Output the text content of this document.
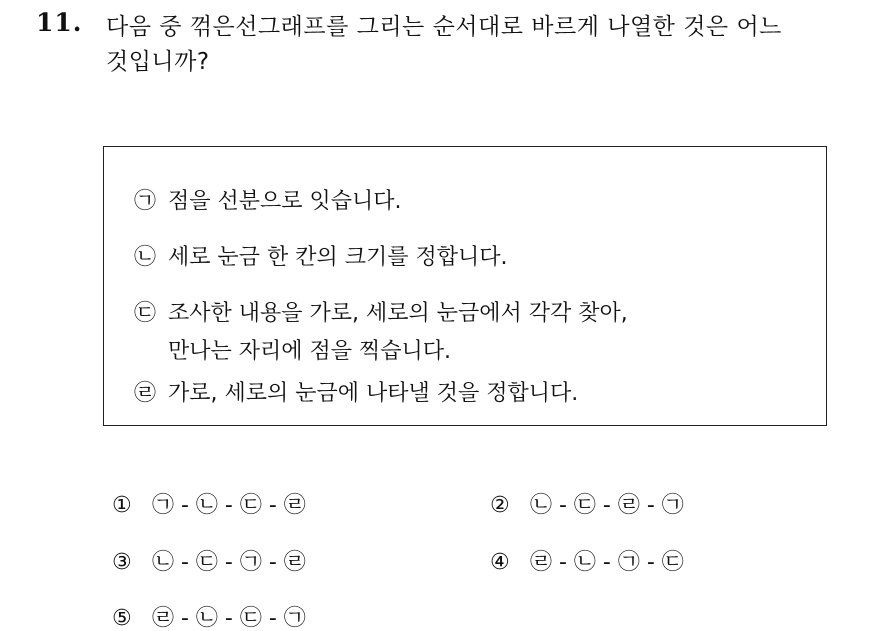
11. 다음 중 꺾은선그래프를 그리는 순서대로 바르게 나열한 것은 어느
것입니까?
㉠ 점을 선분으로 잇습니다.
㉡ 세로 눈금 한 칸의 크기를 정합니다.
㉢ 조사한 내용을 가로, 세로의 눈금에서 각각 찾아,
만나는 자리에 점을 찍습니다.
㉣ 가로, 세로의 눈금에 나타낼 것을 정합니다.
① ㉠ - ㉡ - ㉢ - ㉣	② ㉡ - ㉢ - ㉣ - ㉠
③ ㉡ - ㉢ - ㉠ - ㉣	④ ㉣ - ㉡ - ㉠ - ㉢
⑤ ㉣ - ㉡ - ㉢ - ㉠
